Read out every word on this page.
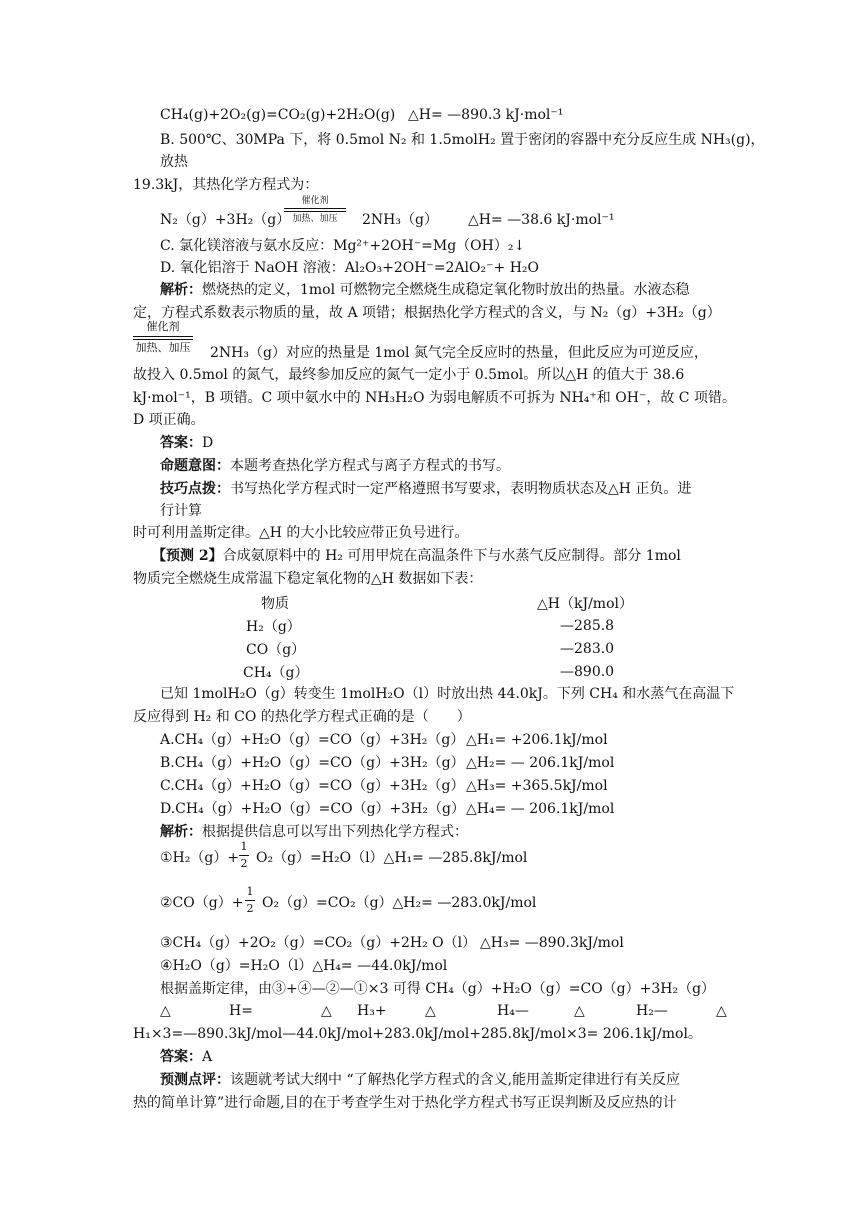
CH₄(g)+2O₂(g)=CO₂(g)+2H₂O(g) △H= —890.3 kJ·mol⁻¹
B. 500℃、30MPa 下，将 0.5mol N₂ 和 1.5molH₂ 置于密闭的容器中充分反应生成 NH₃(g)，
放热
19.3kJ，其热化学方程式为：
N₂（g）+3H₂（g）
催化剂
加热、加压	2NH₃（g） △H= —38.6 kJ·mol⁻¹
C. 氯化镁溶液与氨水反应：Mg²⁺+2OH⁻=Mg（OH）₂↓
D. 氧化铝溶于 NaOH 溶液：Al₂O₃+2OH⁻=2AlO₂⁻+ H₂O
解析：燃烧热的定义，1mol 可燃物完全燃烧生成稳定氧化物时放出的热量。水液态稳
定，方程式系数表示物质的量，故 A 项错；根据热化学方程式的含义，与 N₂（g）+3H₂（g）
催化剂
加热、加压 2NH₃（g）对应的热量是 1mol 氮气完全反应时的热量，但此反应为可逆反应，
故投入 0.5mol 的氮气，最终参加反应的氮气一定小于 0.5mol。所以△H 的值大于 38.6
kJ·mol⁻¹，B 项错。C 项中氨水中的 NH₃H₂O 为弱电解质不可拆为 NH₄⁺和 OH⁻，故 C 项错。
D 项正确。
答案：D
命题意图：本题考查热化学方程式与离子方程式的书写。
技巧点拨：书写热化学方程式时一定严格遵照书写要求，表明物质状态及△H 正负。进
行计算
时可利用盖斯定律。△H 的大小比较应带正负号进行。
【预测 2】合成氨原料中的 H₂ 可用甲烷在高温条件下与水蒸气反应制得。部分 1mol
物质完全燃烧生成常温下稳定氧化物的△H 数据如下表：
物质	△H（kJ/mol）
H₂（g）	—285.8
CO（g）	—283.0
CH₄（g）	—890.0
已知 1molH₂O（g）转变生 1molH₂O（l）时放出热 44.0kJ。下列 CH₄ 和水蒸气在高温下
反应得到 H₂ 和 CO 的热化学方程式正确的是（　　）
A.CH₄（g）+H₂O（g）=CO（g）+3H₂（g） △H₁= +206.1kJ/mol
B.CH₄（g）+H₂O（g）=CO（g）+3H₂（g） △H₂= — 206.1kJ/mol
C.CH₄（g）+H₂O（g）=CO（g）+3H₂（g） △H₃= +365.5kJ/mol
D.CH₄（g）+H₂O（g）=CO（g）+3H₂（g） △H₄= — 206.1kJ/mol
解析：根据提供信息可以写出下列热化学方程式：
①H₂（g）+
1
2 O₂（g）=H₂O（l）△H₁= —285.8kJ/mol
②CO（g）+
1
2 O₂（g）=CO₂（g）△H₂= —283.0kJ/mol
③CH₄（g）+2O₂（g）=CO₂（g）+2H₂ O（l） △H₃= —890.3kJ/mol
④H₂O（g）=H₂O（l）△H₄= —44.0kJ/mol
根据盖斯定律，由③+④—②—①×3 可得 CH₄（g）+H₂O（g）=CO（g）+3H₂（g）
△	H=	△ H₃+	△	H₄—	△	H₂—	△
H₁×3=—890.3kJ/mol—44.0kJ/mol+283.0kJ/mol+285.8kJ/mol×3= 206.1kJ/mol。
答案：A
预测点评：该题就考试大纲中 “了解热化学方程式的含义,能用盖斯定律进行有关反应
热的简单计算”进行命题,目的在于考查学生对于热化学方程式书写正误判断及反应热的计
